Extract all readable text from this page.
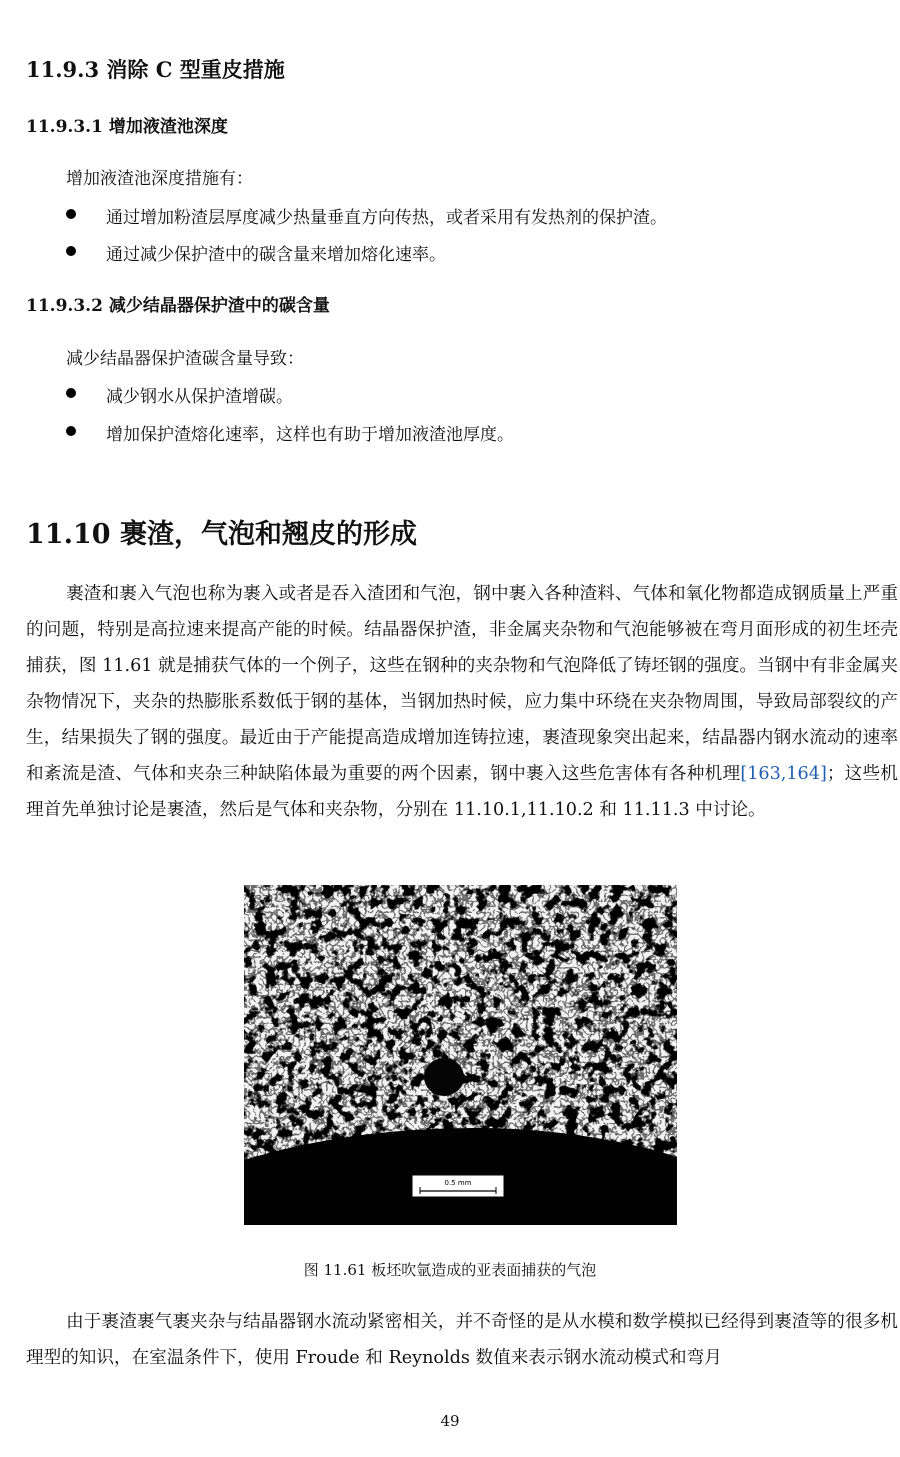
11.9.3 消除 C 型重皮措施
11.9.3.1 增加液渣池深度
增加液渣池深度措施有：
通过增加粉渣层厚度减少热量垂直方向传热，或者采用有发热剂的保护渣。
通过减少保护渣中的碳含量来增加熔化速率。
11.9.3.2 减少结晶器保护渣中的碳含量
减少结晶器保护渣碳含量导致：
减少钢水从保护渣增碳。
增加保护渣熔化速率，这样也有助于增加液渣池厚度。
11.10 裹渣，气泡和翘皮的形成
裹渣和裹入气泡也称为裹入或者是吞入渣团和气泡，钢中裹入各种渣料、气体和氧化物都造成钢质量上严重的问题，特别是高拉速来提高产能的时候。结晶器保护渣，非金属夹杂物和气泡能够被在弯月面形成的初生坯壳捕获，图 11.61 就是捕获气体的一个例子，这些在钢种的夹杂物和气泡降低了铸坯钢的强度。当钢中有非金属夹杂物情况下，夹杂的热膨胀系数低于钢的基体，当钢加热时候，应力集中环绕在夹杂物周围，导致局部裂纹的产生，结果损失了钢的强度。最近由于产能提高造成增加连铸拉速，裹渣现象突出起来，结晶器内钢水流动的速率和紊流是渣、气体和夹杂三种缺陷体最为重要的两个因素，钢中裹入这些危害体有各种机理[163,164]；这些机理首先单独讨论是裹渣，然后是气体和夹杂物，分别在 11.10.1,11.10.2 和 11.11.3 中讨论。
0.5 mm
图 11.61 板坯吹氩造成的亚表面捕获的气泡
由于裹渣裹气裹夹杂与结晶器钢水流动紧密相关，并不奇怪的是从水模和数学模拟已经得到裹渣等的很多机理型的知识，在室温条件下，使用 Froude 和 Reynolds 数值来表示钢水流动模式和弯月
49
